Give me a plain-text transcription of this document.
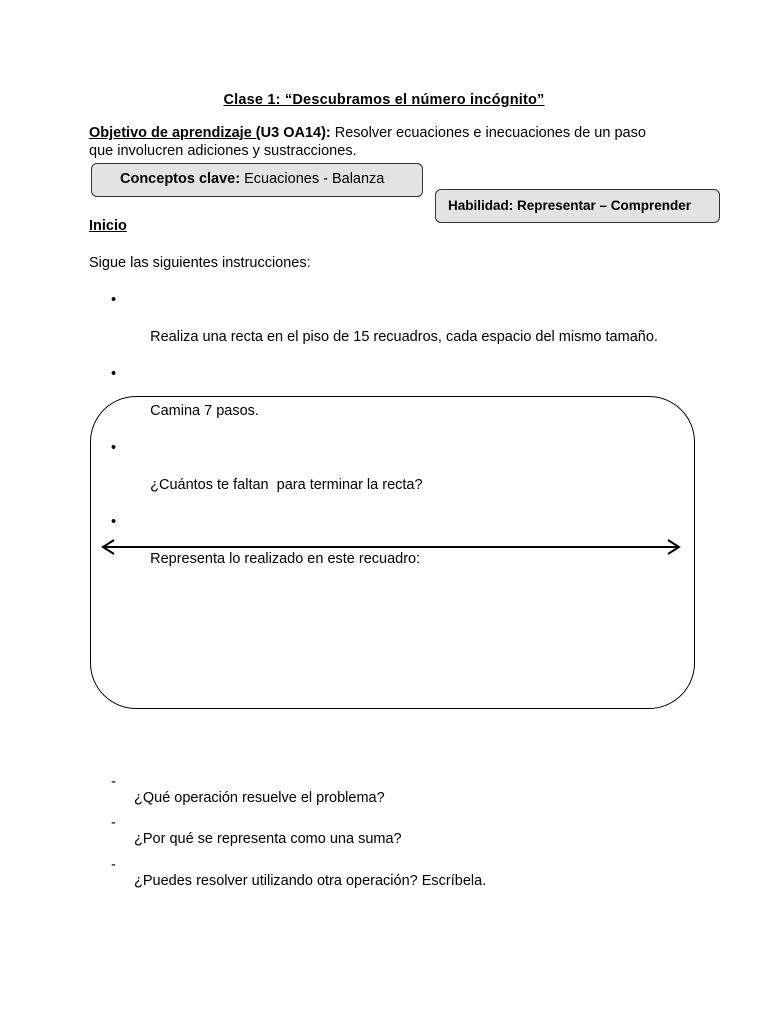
Clase 1: “Descubramos el número incógnito”
Objetivo de aprendizaje (U3 OA14): Resolver ecuaciones e inecuaciones de un paso
que involucren adiciones y sustracciones.
Conceptos clave: Ecuaciones - Balanza
Habilidad: Representar – Comprender
Inicio
Sigue las siguientes instrucciones:

•

Realiza una recta en el piso de 15 recuadros, cada espacio del mismo tamaño.

•

Camina 7 pasos.

•

¿Cuántos te faltan  para terminar la recta?

•

Representa lo realizado en este recuadro:

-

¿Qué operación resuelve el problema?

-

¿Por qué se representa como una suma?

-

¿Puedes resolver utilizando otra operación? Escríbela.
